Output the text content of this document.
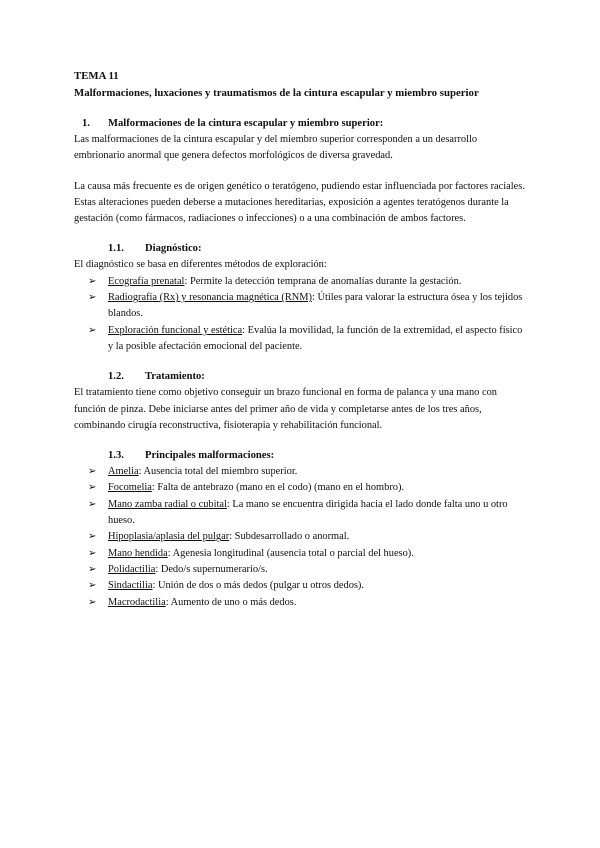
TEMA 11

Malformaciones, luxaciones y traumatismos de la cintura escapular y miembro superior

1.	Malformaciones de la cintura escapular y miembro superior:

Las malformaciones de la cintura escapular y del miembro superior corresponden a un desarrollo embrionario anormal que genera defectos morfológicos de diversa gravedad.

La causa más frecuente es de origen genético o teratógeno, pudiendo estar influenciada por factores raciales. Estas alteraciones pueden deberse a mutaciones hereditarias, exposición a agentes teratógenos durante la gestación (como fármacos, radiaciones o infecciones) o a una combinación de ambos factores.

1.1.	Diagnóstico:

El diagnóstico se basa en diferentes métodos de exploración:

➢ Ecografía prenatal: Permite la detección temprana de anomalías durante la gestación.
➢ Radiografía (Rx) y resonancia magnética (RNM): Útiles para valorar la estructura ósea y los tejidos blandos.
➢ Exploración funcional y estética: Evalúa la movilidad, la función de la extremidad, el aspecto físico y la posible afectación emocional del paciente.
1.2.	Tratamiento:

El tratamiento tiene como objetivo conseguir un brazo funcional en forma de palanca y una mano con función de pinza. Debe iniciarse antes del primer año de vida y completarse antes de los tres años, combinando cirugía reconstructiva, fisioterapia y rehabilitación funcional.

1.3.	Principales malformaciones:
➢ Amelia: Ausencia total del miembro superior.
➢ Focomelia: Falta de antebrazo (mano en el codo) (mano en el hombro).
➢ Mano zamba radial o cubital: La mano se encuentra dirigida hacia el lado donde falta uno u otro hueso.
➢ Hipoplasia/aplasia del pulgar: Subdesarrollado o anormal.
➢ Mano hendida: Agenesia longitudinal (ausencia total o parcial del hueso).
➢ Polidactilia: Dedo/s supernumerario/s.
➢ Sindactilia: Unión de dos o más dedos (pulgar u otros dedos).
➢ Macrodactilia: Aumento de uno o más dedos.
